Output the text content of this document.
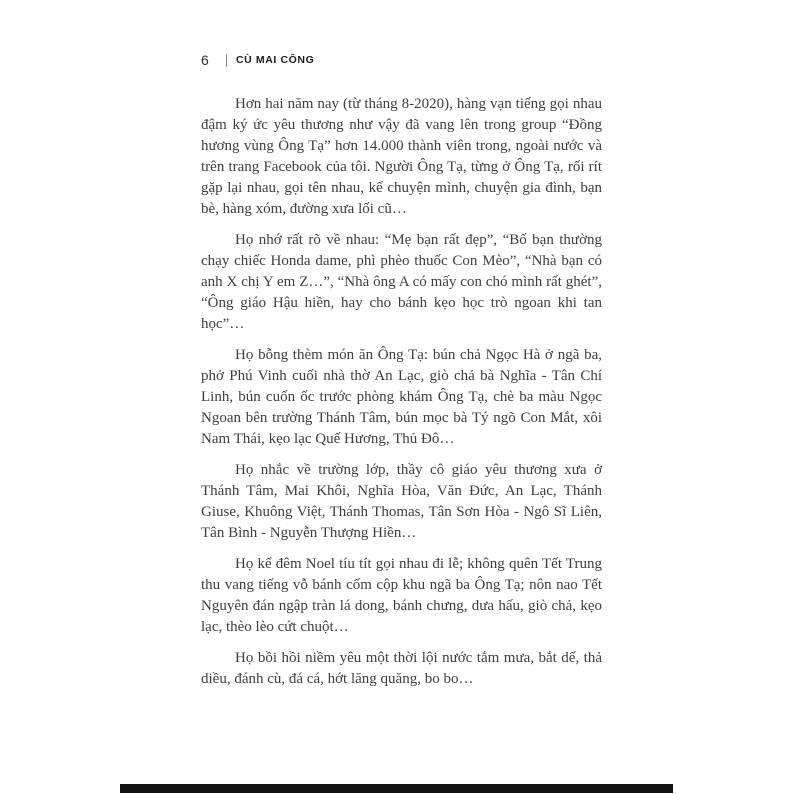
6	CÙ MAI CÔNG

Hơn hai năm nay (từ tháng 8-2020), hàng vạn tiếng gọi nhau đậm ký ức yêu thương như vậy đã vang lên trong group “Đồng hương vùng Ông Tạ” hơn 14.000 thành viên trong, ngoài nước và trên trang Facebook của tôi. Người Ông Tạ, từng ở Ông Tạ, rối rít gặp lại nhau, gọi tên nhau, kể chuyện mình, chuyện gia đình, bạn bè, hàng xóm, đường xưa lối cũ…

Họ nhớ rất rõ về nhau: “Mẹ bạn rất đẹp”, “Bố bạn thường chạy chiếc Honda dame, phì phèo thuốc Con Mèo”, “Nhà bạn có anh X chị Y em Z…”, “Nhà ông A có mấy con chó mình rất ghét”, “Ông giáo Hậu hiền, hay cho bánh kẹo học trò ngoan khi tan học”…

Họ bỗng thèm món ăn Ông Tạ: bún chả Ngọc Hà ở ngã ba, phở Phú Vinh cuối nhà thờ An Lạc, giò chả bà Nghĩa - Tân Chí Linh, bún cuốn ốc trước phòng khám Ông Tạ, chè ba màu Ngọc Ngoan bên trường Thánh Tâm, bún mọc bà Tý ngõ Con Mắt, xôi Nam Thái, kẹo lạc Quế Hương, Thủ Đô…

Họ nhắc về trường lớp, thầy cô giáo yêu thương xưa ở Thánh Tâm, Mai Khôi, Nghĩa Hòa, Văn Đức, An Lạc, Thánh Giuse, Khuông Việt, Thánh Thomas, Tân Sơn Hòa - Ngô Sĩ Liên, Tân Bình - Nguyễn Thượng Hiền…

Họ kể đêm Noel tíu tít gọi nhau đi lễ; không quên Tết Trung thu vang tiếng vỗ bánh cốm cộp khu ngã ba Ông Tạ; nôn nao Tết Nguyên đán ngập tràn lá dong, bánh chưng, dưa hấu, giò chả, kẹo lạc, thèo lèo cứt chuột…

Họ bồi hồi niềm yêu một thời lội nước tắm mưa, bắt dế, thả diều, đánh cù, đá cá, hớt lăng quăng, bo bo…
